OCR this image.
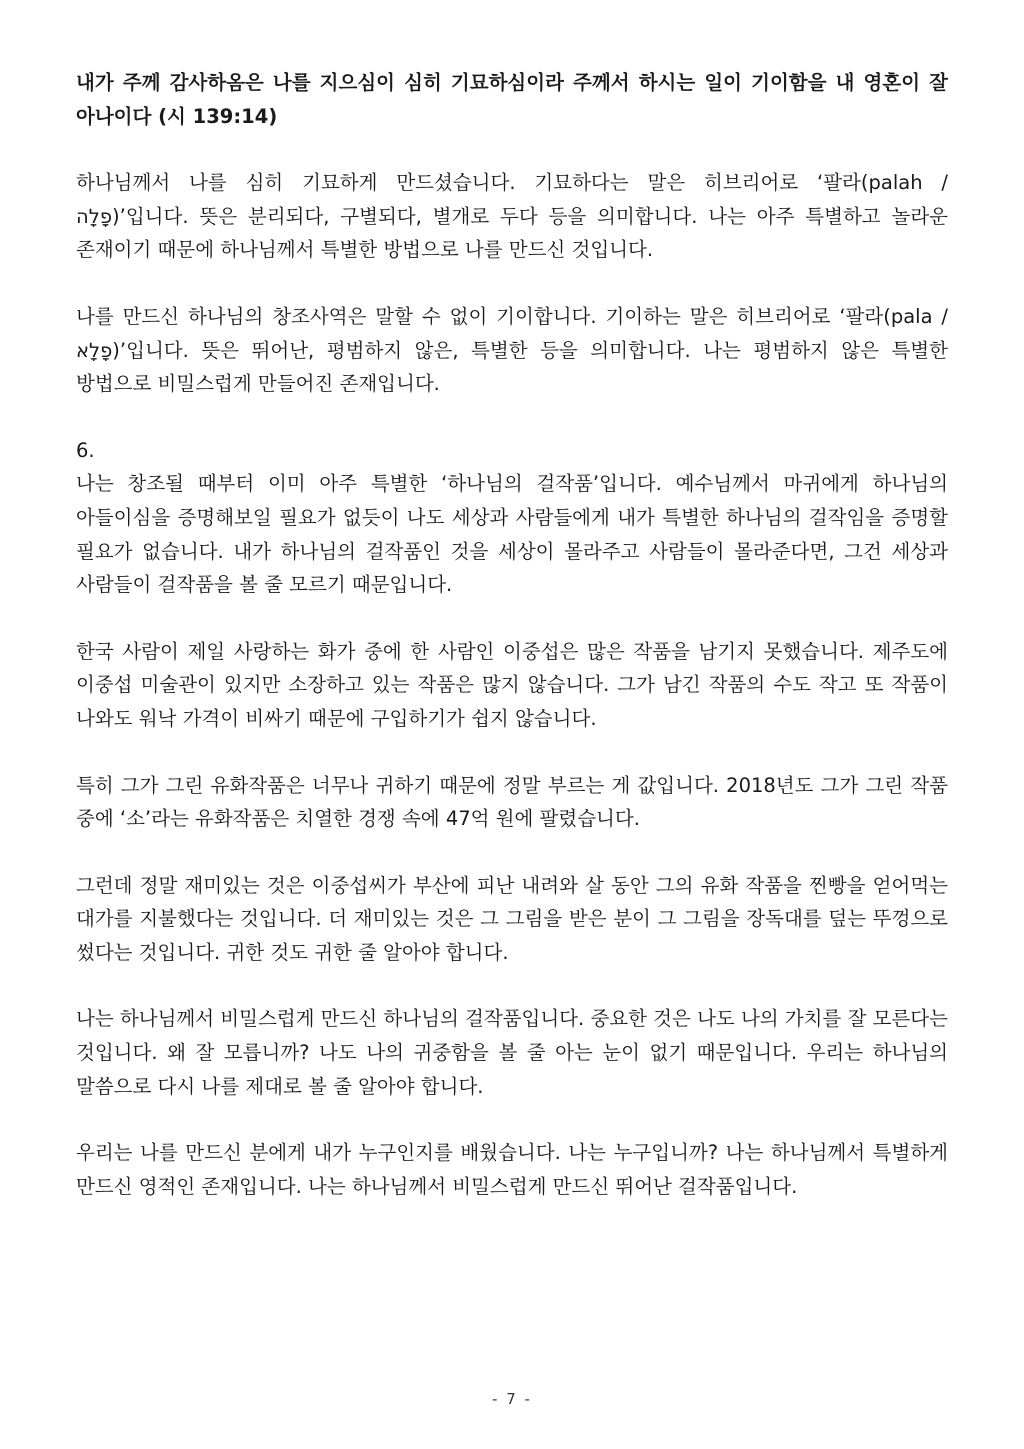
내가 주께 감사하옴은 나를 지으심이 심히 기묘하심이라 주께서 하시는 일이 기이함을 내 영혼이 잘 아나이다 (시 139:14)

하나님께서 나를 심히 기묘하게 만드셨습니다. 기묘하다는 말은 히브리어로 ‘팔라(palah / פָלָה)’입니다. 뜻은 분리되다, 구별되다, 별개로 두다 등을 의미합니다. 나는 아주 특별하고 놀라운 존재이기 때문에 하나님께서 특별한 방법으로 나를 만드신 것입니다.

나를 만드신 하나님의 창조사역은 말할 수 없이 기이합니다. 기이하는 말은 히브리어로 ‘팔라(pala / פָלָא)’입니다. 뜻은 뛰어난, 평범하지 않은, 특별한 등을 의미합니다. 나는 평범하지 않은 특별한 방법으로 비밀스럽게 만들어진 존재입니다.

6.

나는 창조될 때부터 이미 아주 특별한 ‘하나님의 걸작품’입니다. 예수님께서 마귀에게 하나님의 아들이심을 증명해보일 필요가 없듯이 나도 세상과 사람들에게 내가 특별한 하나님의 걸작임을 증명할 필요가 없습니다. 내가 하나님의 걸작품인 것을 세상이 몰라주고 사람들이 몰라준다면, 그건 세상과 사람들이 걸작품을 볼 줄 모르기 때문입니다.

한국 사람이 제일 사랑하는 화가 중에 한 사람인 이중섭은 많은 작품을 남기지 못했습니다. 제주도에 이중섭 미술관이 있지만 소장하고 있는 작품은 많지 않습니다. 그가 남긴 작품의 수도 작고 또 작품이 나와도 워낙 가격이 비싸기 때문에 구입하기가 쉽지 않습니다.

특히 그가 그린 유화작품은 너무나 귀하기 때문에 정말 부르는 게 값입니다. 2018년도 그가 그린 작품 중에 ‘소’라는 유화작품은 치열한 경쟁 속에 47억 원에 팔렸습니다.

그런데 정말 재미있는 것은 이중섭씨가 부산에 피난 내려와 살 동안 그의 유화 작품을 찐빵을 얻어먹는 대가를 지불했다는 것입니다. 더 재미있는 것은 그 그림을 받은 분이 그 그림을 장독대를 덮는 뚜껑으로 썼다는 것입니다. 귀한 것도 귀한 줄 알아야 합니다.

나는 하나님께서 비밀스럽게 만드신 하나님의 걸작품입니다. 중요한 것은 나도 나의 가치를 잘 모른다는 것입니다. 왜 잘 모릅니까? 나도 나의 귀중함을 볼 줄 아는 눈이 없기 때문입니다. 우리는 하나님의 말씀으로 다시 나를 제대로 볼 줄 알아야 합니다.

우리는 나를 만드신 분에게 내가 누구인지를 배웠습니다. 나는 누구입니까? 나는 하나님께서 특별하게 만드신 영적인 존재입니다. 나는 하나님께서 비밀스럽게 만드신 뛰어난 걸작품입니다.

- 7 -
